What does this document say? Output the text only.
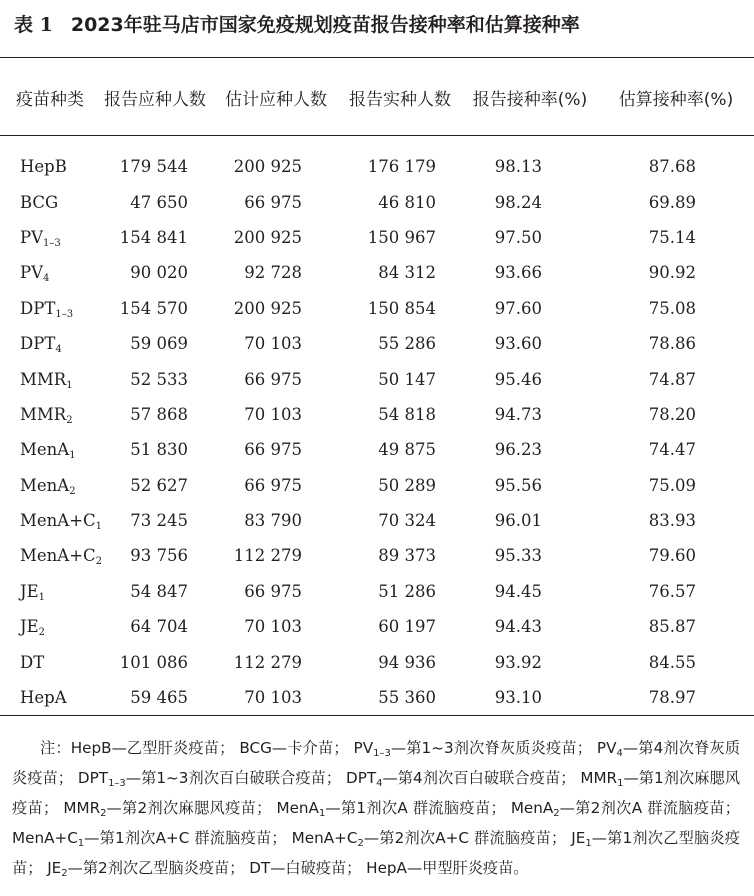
表 1 2023年驻马店市国家免疫规划疫苗报告接种率和估算接种率
疫苗种类	报告应种人数	估计应种人数	报告实种人数	报告接种率(%)	估算接种率(%)
HepB	179 544	200 925	176 179	98.13	87.68
BCG	47 650	66 975	46 810	98.24	69.89
$PV_{1-3}$	154 841	200 925	150 967	97.50	75.14
$PV_4$	90 020	92 728	84 312	93.66	90.92
$DPT_{1-3}$	154 570	200 925	150 854	97.60	75.08
$DPT_4$	59 069	70 103	55 286	93.60	78.86
$MMR_1$	52 533	66 975	50 147	95.46	74.87
$MMR_2$	57 868	70 103	54 818	94.73	78.20
MenA$_1$	51 830	66 975	49 875	96.23	74.47
MenA$_2$	52 627	66 975	50 289	95.56	75.09
$MenA+C_1$	73 245	83 790	70 324	96.01	83.93
$MenA+C_2$	93 756	112 279	89 373	95.33	79.60
$JE_1$	54 847	66 975	51 286	94.45	76.57
$JE_2$	64 704	70 103	60 197	94.43	85.87
DT	101 086	112 279	94 936	93.92	84.55
HepA	59 465	70 103	55 360	93.10	78.97
注：HepB—乙型肝炎疫苗； BCG—卡介苗； $PV_{1-3}—$第1~3剂次脊灰质炎疫苗； $PV_4—$第4剂次脊灰质炎疫苗； $DPT_{1-3}—$第1~3剂次百白破联合疫苗； $DPT_4—$第4剂次百白破联合疫苗； $MMR_1—$第1剂次麻腮风疫苗； $MMR_2—$第2剂次麻腮风疫苗； MenA$_1$—第1剂次A 群流脑疫苗； MenA$_2$—第2剂次A 群流脑疫苗； $MenA+C_1—$第1剂次A+C 群流脑疫苗； $MenA+C_2—$第2剂次A+C 群流脑疫苗； $JE_1—$第1剂次乙型脑炎疫苗； $JE_2—$第2剂次乙型脑炎疫苗； DT—白破疫苗； HepA—甲型肝炎疫苗。
